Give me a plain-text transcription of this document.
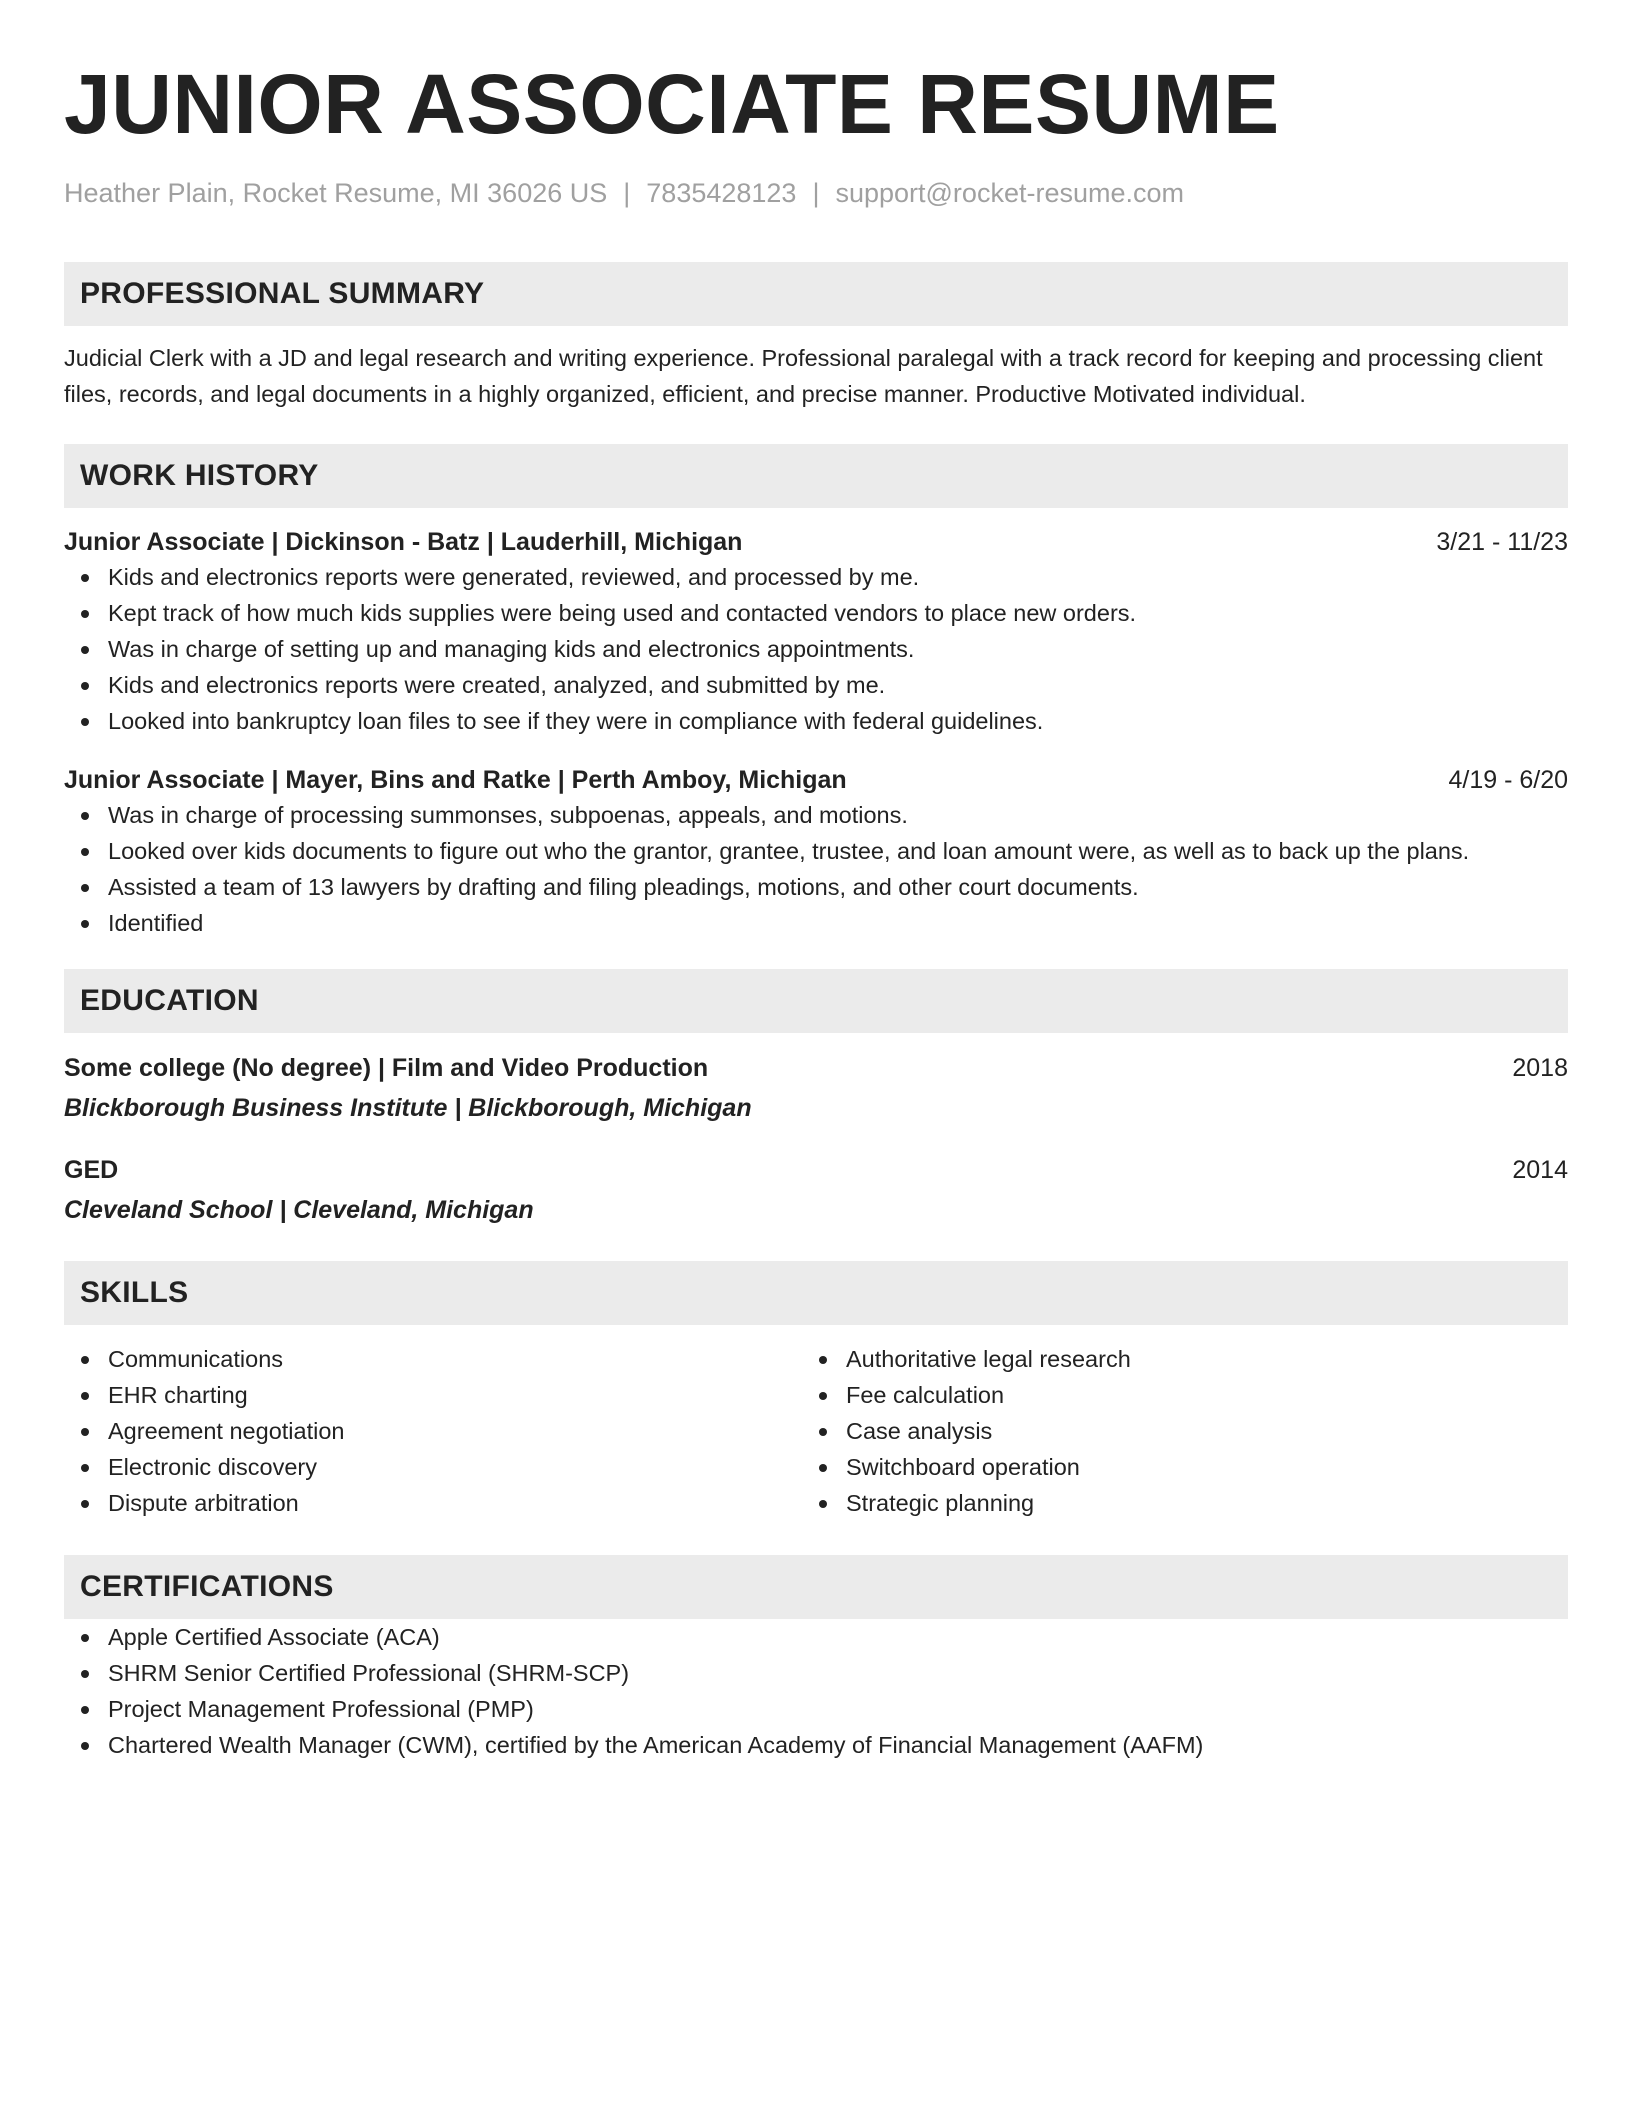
JUNIOR ASSOCIATE RESUME
Heather Plain, Rocket Resume, MI 36026 US | 7835428123 | support@rocket-resume.com
PROFESSIONAL SUMMARY
Judicial Clerk with a JD and legal research and writing experience. Professional paralegal with a track record for keeping and processing client files, records, and legal documents in a highly organized, efficient, and precise manner. Productive Motivated individual.
WORK HISTORY
Junior Associate | Dickinson - Batz | Lauderhill, Michigan	3/21 - 11/23
Kids and electronics reports were generated, reviewed, and processed by me.
Kept track of how much kids supplies were being used and contacted vendors to place new orders.
Was in charge of setting up and managing kids and electronics appointments.
Kids and electronics reports were created, analyzed, and submitted by me.
Looked into bankruptcy loan files to see if they were in compliance with federal guidelines.
Junior Associate | Mayer, Bins and Ratke | Perth Amboy, Michigan	4/19 - 6/20
Was in charge of processing summonses, subpoenas, appeals, and motions.
Looked over kids documents to figure out who the grantor, grantee, trustee, and loan amount were, as well as to back up the plans.
Assisted a team of 13 lawyers by drafting and filing pleadings, motions, and other court documents.
Identified
EDUCATION
Some college (No degree) | Film and Video Production	2018
Blickborough Business Institute | Blickborough, Michigan
GED	2014
Cleveland School | Cleveland, Michigan
SKILLS
Communications
EHR charting
Agreement negotiation
Electronic discovery
Dispute arbitration
Authoritative legal research
Fee calculation
Case analysis
Switchboard operation
Strategic planning
CERTIFICATIONS
Apple Certified Associate (ACA)
SHRM Senior Certified Professional (SHRM-SCP)
Project Management Professional (PMP)
Chartered Wealth Manager (CWM), certified by the American Academy of Financial Management (AAFM)
